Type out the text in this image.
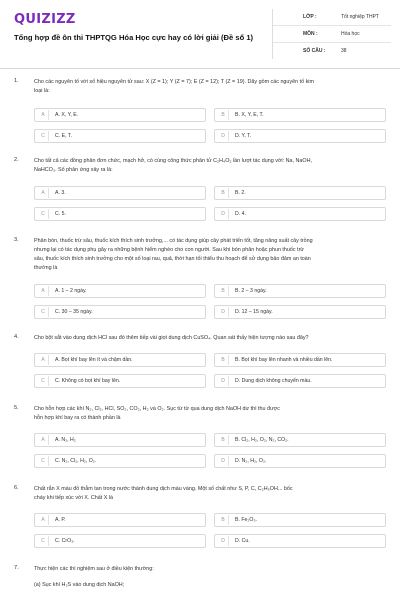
QUIZIZZ
Tổng hợp đề ôn thi THPTQG Hóa Học cực hay có lời giải (Đề số 1)
LỚP :	Tốt nghiệp THPT
MÔN :	Hóa học
SỐ CÂU :	38
1.	Cho các nguyên tố với số hiệu nguyên tử sau: X (Z = 1); Y (Z = 7); E (Z = 12); T (Z = 19). Dãy gồm các nguyên tố kim
loại là:
A	A. X, Y, E.	B	B. X, Y, E, T.
C	C. E, T.	D	D. Y, T.
2.	Cho tất cả các đồng phân đơn chức, mạch hở, có cùng công thức phân tử C₂H₄O₂ lần lượt tác dụng với: Na, NaOH,
NaHCO₃. Số phản ứng xảy ra là:
A	A. 3.	B	B. 2.
C	C. 5.	D	D. 4.
3.	Phân bón, thuốc trừ sâu, thuốc kích thích sinh trưởng,... có tác dụng giúp cây phát triển tốt, tăng năng suất cây trồng
nhưng lại có tác dụng phụ gây ra những bệnh hiểm nghèo cho con người. Sau khi bón phân hoặc phun thuốc trừ
sâu, thuốc kích thích sinh trưởng cho một số loại rau, quả, thời hạn tối thiểu thu hoạch để sử dụng bảo đảm an toàn
thường là
A	A. 1 – 2 ngày.	B	B. 2 – 3 ngày.
C	C. 30 – 35 ngày.	D	D. 12 – 15 ngày.
4.	Cho bột sắt vào dung dịch HCl sau đó thêm tiếp vài giọt dung dịch CuSO₄. Quan sát thấy hiện tượng nào sau đây?
A	A. Bọt khí bay lên ít và chậm dần.	B	B. Bọt khí bay lên nhanh và nhiều dần lên.
C	C. Không có bọt khí bay lên.	D	D. Dung dịch không chuyển màu.
5.	Cho hỗn hợp các khí N₂, Cl₂, HCl, SO₂, CO₂, H₂ và O₂. Sục từ từ qua dung dịch NaOH dư thì thu được
hỗn hợp khí bay ra có thành phần là
A	A. N₂, H₂	B	B. Cl₂, H₂, O₂, N₂, CO₂.
C	C. N₂, Cl₂, H₂, O₂.	D	D. N₂, H₂, O₂.
6.	Chất rắn X màu đỏ thẫm tan trong nước thành dung dịch màu vàng. Một số chất như S, P, C, C₂H₅OH... bốc
cháy khi tiếp xúc với X. Chất X là
A	A. P.	B	B. Fe₂O₃.
C	C. CrO₃.	D	D. Cu.
7.	Thực hiện các thí nghiệm sau ở điều kiện thường:
(a) Sục khí H₂S vào dung dịch NaOH;
